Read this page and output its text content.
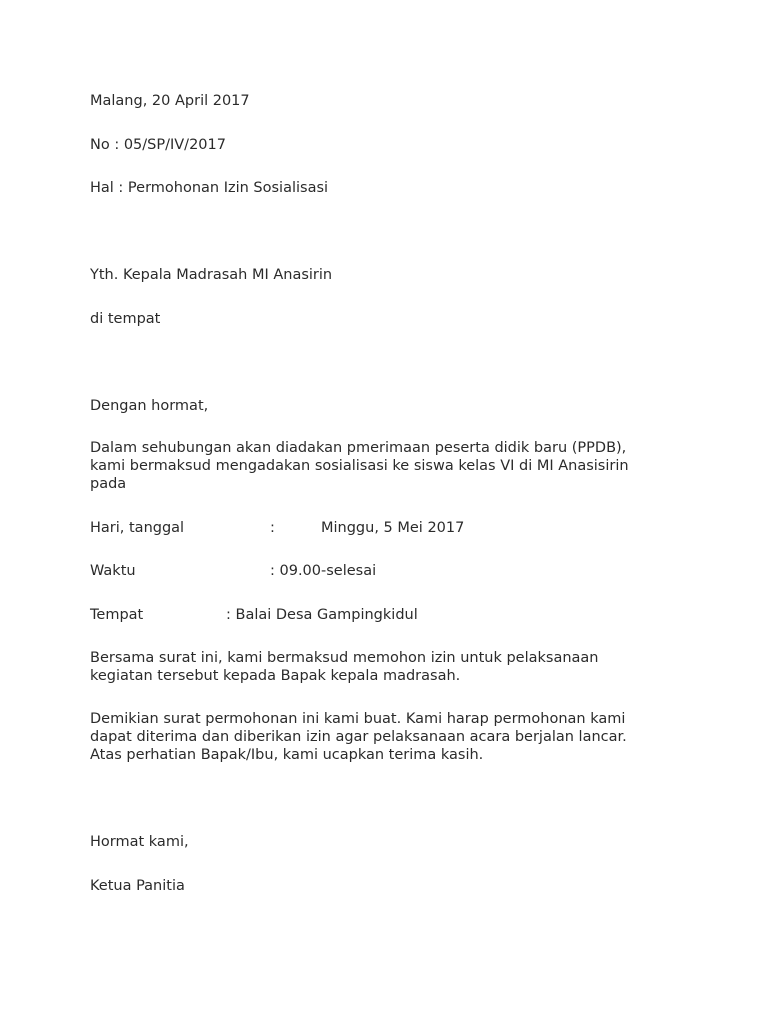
Malang, 20 April 2017

No : 05/SP/IV/2017

Hal : Permohonan Izin Sosialisasi

Yth. Kepala Madrasah MI Anasirin

di tempat

Dengan hormat,

Dalam sehubungan akan diadakan pmerimaan peserta didik baru (PPDB),
kami bermaksud mengadakan sosialisasi ke siswa kelas VI di MI Anasisirin
pada
Hari, tanggal	:	Minggu, 5 Mei 2017
Waktu	: 09.00-selesai
Tempat	: Balai Desa Gampingkidul
Bersama surat ini, kami bermaksud memohon izin untuk pelaksanaan
kegiatan tersebut kepada Bapak kepala madrasah.
Demikian surat permohonan ini kami buat. Kami harap permohonan kami
dapat diterima dan diberikan izin agar pelaksanaan acara berjalan lancar.
Atas perhatian Bapak/Ibu, kami ucapkan terima kasih.

Hormat kami,

Ketua Panitia
